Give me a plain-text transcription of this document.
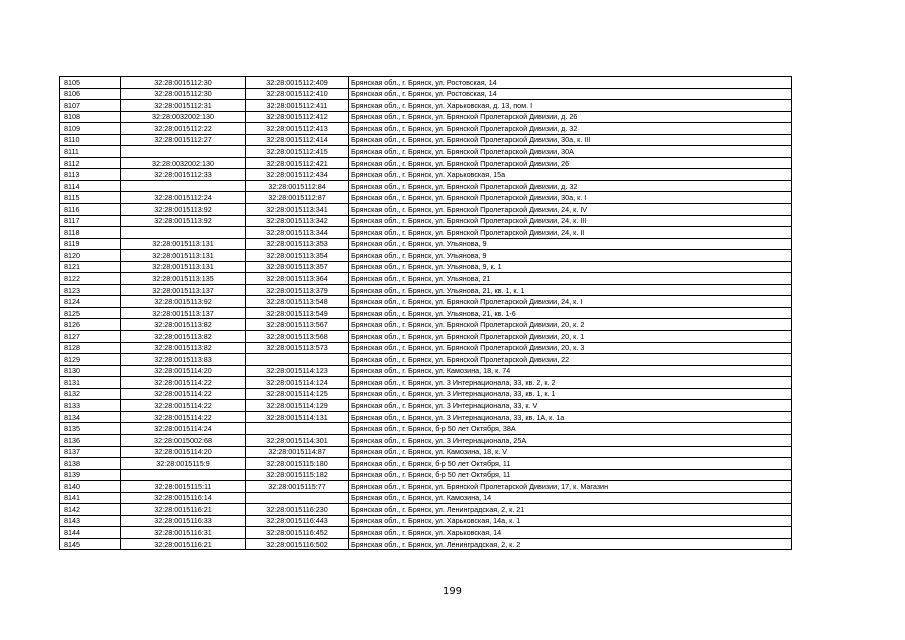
8105	32:28:0015112:30	32:28:0015112:409	Брянская обл., г. Брянск, ул. Ростовская, 14
8106	32:28:0015112:30	32:28:0015112:410	Брянская обл., г. Брянск, ул. Ростовская, 14
8107	32:28:0015112:31	32:28:0015112:411	Брянская обл., г. Брянск, ул. Харьковская, д. 13, пом. I
8108	32:28:0032002:130	32:28:0015112:412	Брянская обл., г. Брянск, ул. Брянской Пролетарской Дивизии, д. 26
8109	32:28:0015112:22	32:28:0015112:413	Брянская обл., г. Брянск, ул. Брянской Пролетарской Дивизии, д. 32
8110	32:28:0015112:27	32:28:0015112:414	Брянская обл., г. Брянск, ул. Брянской Пролетарской Дивизии, 30а, к. III
8111		32:28:0015112:415	Брянская обл., г. Брянск, ул. Брянской Пролетарской Дивизии, 30А
8112	32:28:0032002:130	32:28:0015112:421	Брянская обл., г. Брянск, ул. Брянской Пролетарской Дивизии, 26
8113	32:28:0015112:33	32:28:0015112:434	Брянская обл., г. Брянск, ул. Харьковская, 15а
8114		32:28:0015112:84	Брянская обл., г. Брянск, ул. Брянской Пролетарской Дивизии, д. 32
8115	32:28:0015112:24	32:28:0015112:87	Брянская обл., г. Брянск, ул. Брянской Пролетарской Дивизии, 30а, к. I
8116	32:28:0015113:92	32:28:0015113:341	Брянская обл., г. Брянск, ул. Брянской Пролетарской Дивизии, 24, к. IV
8117	32:28:0015113:92	32:28:0015113:342	Брянская обл., г. Брянск, ул. Брянской Пролетарской Дивизии, 24, к. III
8118		32:28:0015113:344	Брянская обл., г. Брянск, ул. Брянской Пролетарской Дивизии, 24, к. II
8119	32:28:0015113:131	32:28:0015113:353	Брянская обл., г. Брянск, ул. Ульянова, 9
8120	32:28:0015113:131	32:28:0015113:354	Брянская обл., г. Брянск, ул. Ульянова, 9
8121	32:28:0015113:131	32:28:0015113:357	Брянская обл., г. Брянск, ул. Ульянова, 9, к. 1
8122	32:28:0015113:135	32:28:0015113:364	Брянская обл., г. Брянск, ул. Ульянова, 21
8123	32:28:0015113:137	32:28:0015113:379	Брянская обл., г. Брянск, ул. Ульянова, 21, кв. 1, к. 1
8124	32:28:0015113:92	32:28:0015113:548	Брянская обл., г. Брянск, ул. Брянской Пролетарской Дивизии, 24, к. I
8125	32:28:0015113:137	32:28:0015113:549	Брянская обл., г. Брянск, ул. Ульянова, 21, кв. 1-6
8126	32:28:0015113:82	32:28:0015113:567	Брянская обл., г. Брянск, ул. Брянской Пролетарской Дивизии, 20, к. 2
8127	32:28:0015113:82	32:28:0015113:568	Брянская обл., г. Брянск, ул. Брянской Пролетарской Дивизии, 20, к. 1
8128	32:28:0015113:82	32:28:0015113:573	Брянская обл., г. Брянск, ул. Брянской Пролетарской Дивизии, 20, к. 3
8129	32:28:0015113:83		Брянская обл., г. Брянск, ул. Брянской Пролетарской Дивизии, 22
8130	32:28:0015114:20	32:28:0015114:123	Брянская обл., г. Брянск, ул. Камозина, 18, к. 74
8131	32:28:0015114:22	32:28:0015114:124	Брянская обл., г. Брянск, ул. 3 Интернационала, 33, кв. 2, к. 2
8132	32:28:0015114:22	32:28:0015114:125	Брянская обл., г. Брянск, ул. 3 Интернационала, 33, кв. 1, к. 1
8133	32:28:0015114:22	32:28:0015114:129	Брянская обл., г. Брянск, ул. 3 Интернационала, 33, к. V
8134	32:28:0015114:22	32:28:0015114:131	Брянская обл., г. Брянск, ул. 3 Интернационала, 33, кв. 1А, к. 1а
8135	32:28:0015114:24		Брянская обл., г. Брянск, б-р 50 лет Октября, 38А
8136	32:28:0015002:68	32:28:0015114:301	Брянская обл., г. Брянск, ул. 3 Интернационала, 25А
8137	32:28:0015114:20	32:28:0015114:87	Брянская обл., г. Брянск, ул. Камозина, 18, к. V
8138	32:28:0015115:9	32:28:0015115:180	Брянская обл., г. Брянск, б-р 50 лет Октября, 11
8139		32:28:0015115:182	Брянская обл., г. Брянск, б-р 50 лет Октября, 11
8140	32:28:0015115:11	32:28:0015115:77	Брянская обл., г. Брянск, ул. Брянской Пролетарской Дивизии, 17, к. Магазин
8141	32:28:0015116:14		Брянская обл., г. Брянск, ул. Камозина, 14
8142	32:28:0015116:21	32:28:0015116:230	Брянская обл., г. Брянск, ул. Ленинградская, 2, к. 21
8143	32:28:0015116:33	32:28:0015116:443	Брянская обл., г. Брянск, ул. Харьковская, 14а, к. 1
8144	32:28:0015116:31	32:28:0015116:452	Брянская обл., г. Брянск, ул. Харьковская, 14
8145	32:28:0015116:21	32:28:0015116:502	Брянская обл., г. Брянск, ул. Ленинградская, 2, к. 2
199
